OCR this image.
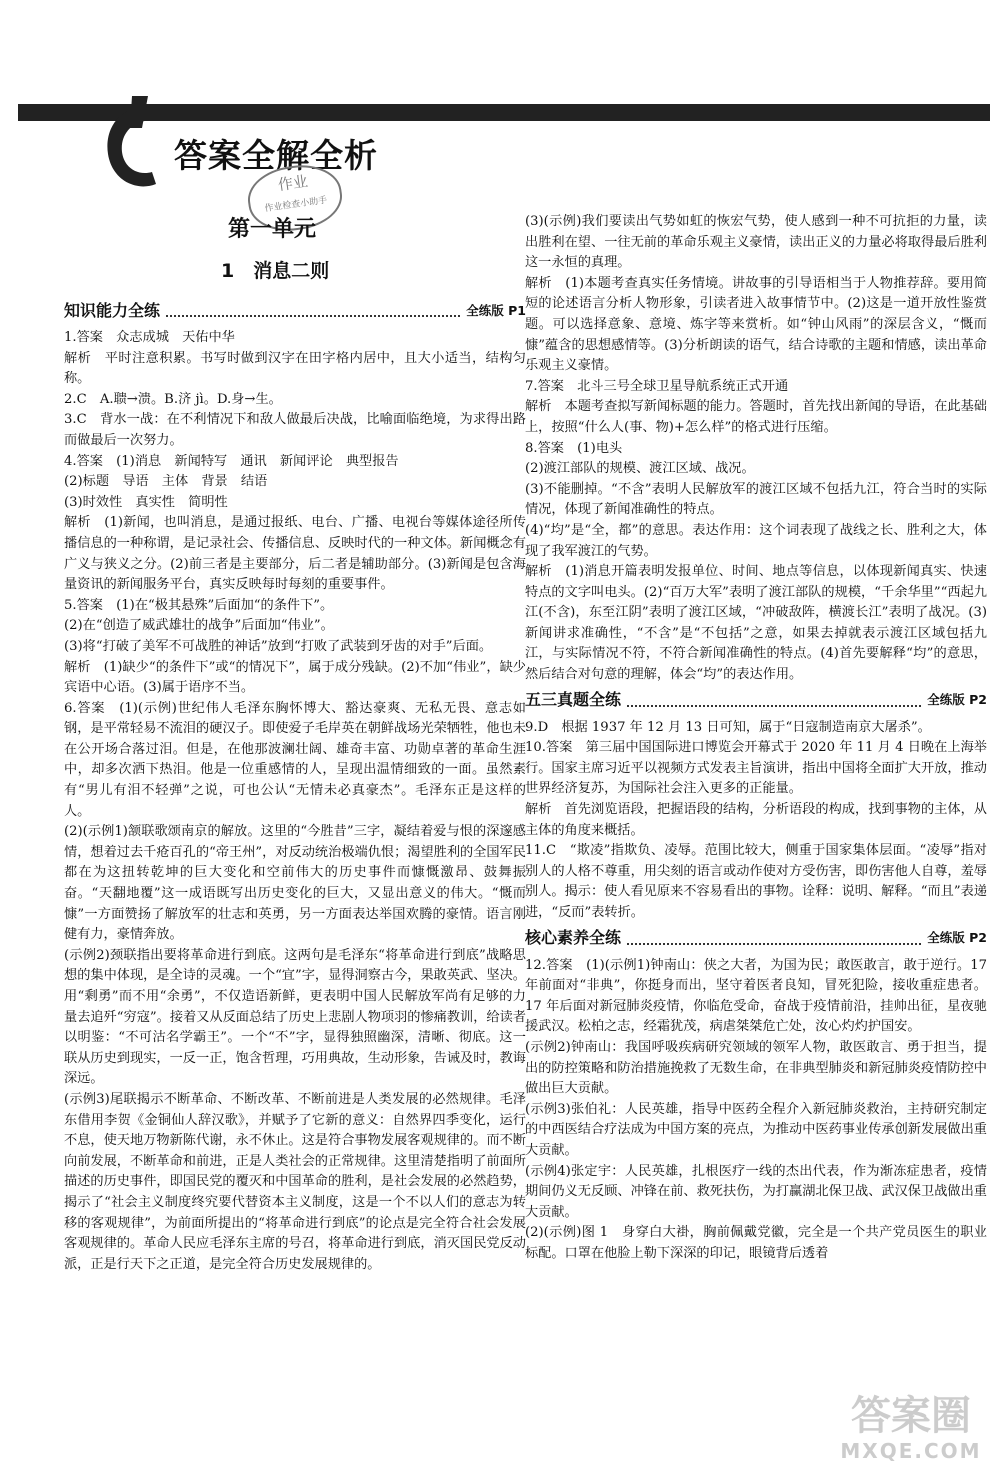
答案全解全析
作业
作业检查小助手
第一单元
1　消息二则
知识能力全练	全练版 P1

1.答案　众志成城　天佑中华

解析　平时注意积累。书写时做到汉字在田字格内居中，且大小适当，结构匀称。

2.C　A.聩→溃。B.济 jì。D.身→生。

3.C　背水一战：在不利情况下和敌人做最后决战，比喻面临绝境，为求得出路而做最后一次努力。

4.答案　(1)消息　新闻特写　通讯　新闻评论　典型报告

(2)标题　导语　主体　背景　结语

(3)时效性　真实性　简明性

解析　(1)新闻，也叫消息，是通过报纸、电台、广播、电视台等媒体途径所传播信息的一种称谓，是记录社会、传播信息、反映时代的一种文体。新闻概念有广义与狭义之分。(2)前三者是主要部分，后二者是辅助部分。(3)新闻是包含海量资讯的新闻服务平台，真实反映每时每刻的重要事件。

5.答案　(1)在“极其悬殊”后面加“的条件下”。

(2)在“创造了威武雄壮的战争”后面加“伟业”。

(3)将“打破了美军不可战胜的神话”放到“打败了武装到牙齿的对手”后面。

解析　(1)缺少“的条件下”或“的情况下”，属于成分残缺。(2)不加“伟业”，缺少宾语中心语。(3)属于语序不当。

6.答案　(1)(示例)世纪伟人毛泽东胸怀博大、豁达豪爽、无私无畏、意志如钢，是平常轻易不流泪的硬汉子。即使爱子毛岸英在朝鲜战场光荣牺牲，他也未在公开场合落过泪。但是，在他那波澜壮阔、雄奇丰富、功勋卓著的革命生涯中，却多次洒下热泪。他是一位重感情的人，呈现出温情细致的一面。虽然素有“男儿有泪不轻弹”之说，可也公认“无情未必真豪杰”。毛泽东正是这样的人。

(2)(示例1)颔联歌颂南京的解放。这里的“今胜昔”三字，凝结着爱与恨的深邃感情，想着过去千疮百孔的“帝王州”，对反动统治极端仇恨；渴望胜利的全国军民都在为这扭转乾坤的巨大变化和空前伟大的历史事件而慷慨激昂、鼓舞振奋。“天翻地覆”这一成语既写出历史变化的巨大，又显出意义的伟大。“慨而慷”一方面赞扬了解放军的壮志和英勇，另一方面表达举国欢腾的豪情。语言刚健有力，豪情奔放。

(示例2)颈联指出要将革命进行到底。这两句是毛泽东“将革命进行到底”战略思想的集中体现，是全诗的灵魂。一个“宜”字，显得洞察古今，果敢英武、坚决。用“剩勇”而不用“余勇”，不仅造语新鲜，更表明中国人民解放军尚有足够的力量去追歼“穷寇”。接着又从反面总结了历史上悲剧人物项羽的惨痛教训，给读者以明鉴：“不可沽名学霸王”。一个“不”字，显得独照幽深，清晰、彻底。这一联从历史到现实，一反一正，饱含哲理，巧用典故，生动形象，告诫及时，教诲深远。

(示例3)尾联揭示不断革命、不断改革、不断前进是人类发展的必然规律。毛泽东借用李贺《金铜仙人辞汉歌》，并赋予了它新的意义：自然界四季变化，运行不息，使天地万物新陈代谢，永不休止。这是符合事物发展客观规律的。而不断向前发展，不断革命和前进，正是人类社会的正常规律。这里清楚指明了前面所描述的历史事件，即国民党的覆灭和中国革命的胜利，是社会发展的必然趋势，揭示了“社会主义制度终究要代替资本主义制度，这是一个不以人们的意志为转移的客观规律”，为前面所提出的“将革命进行到底”的论点是完全符合社会发展客观规律的。革命人民应毛泽东主席的号召，将革命进行到底，消灭国民党反动派，正是行天下之正道，是完全符合历史发展规律的。

(3)(示例)我们要读出气势如虹的恢宏气势，使人感到一种不可抗拒的力量，读出胜利在望、一往无前的革命乐观主义豪情，读出正义的力量必将取得最后胜利这一永恒的真理。

解析　(1)本题考查真实任务情境。讲故事的引导语相当于人物推荐辞。要用简短的论述语言分析人物形象，引读者进入故事情节中。(2)这是一道开放性鉴赏题。可以选择意象、意境、炼字等来赏析。如“钟山风雨”的深层含义，“慨而慷”蕴含的思想感情等。(3)分析朗读的语气，结合诗歌的主题和情感，读出革命乐观主义豪情。

7.答案　北斗三号全球卫星导航系统正式开通

解析　本题考查拟写新闻标题的能力。答题时，首先找出新闻的导语，在此基础上，按照“什么人(事、物)+怎么样”的格式进行压缩。

8.答案　(1)电头

(2)渡江部队的规模、渡江区域、战况。

(3)不能删掉。“不含”表明人民解放军的渡江区域不包括九江，符合当时的实际情况，体现了新闻准确性的特点。

(4)“均”是“全，都”的意思。表达作用：这个词表现了战线之长、胜利之大，体现了我军渡江的气势。

解析　(1)消息开篇表明发报单位、时间、地点等信息，以体现新闻真实、快速特点的文字叫电头。(2)“百万大军”表明了渡江部队的规模，“千余华里”“西起九江(不含)，东至江阴”表明了渡江区域，“冲破敌阵，横渡长江”表明了战况。(3)新闻讲求准确性，“不含”是“不包括”之意，如果去掉就表示渡江区域包括九江，与实际情况不符，不符合新闻准确性的特点。(4)首先要解释“均”的意思，然后结合对句意的理解，体会“均”的表达作用。

五三真题全练	全练版 P2

9.D　根据 1937 年 12 月 13 日可知，属于“日寇制造南京大屠杀”。

10.答案　第三届中国国际进口博览会开幕式于 2020 年 11 月 4 日晚在上海举行。国家主席习近平以视频方式发表主旨演讲，指出中国将全面扩大开放，推动世界经济复苏，为国际社会注入更多的正能量。

解析　首先浏览语段，把握语段的结构，分析语段的构成，找到事物的主体，从主体的角度来概括。

11.C　“欺凌”指欺负、凌辱。范围比较大，侧重于国家集体层面。“凌辱”指对别人的人格不尊重，用尖刻的语言或动作使对方受伤害，即伤害他人自尊，羞辱别人。揭示：使人看见原来不容易看出的事物。诠释：说明、解释。“而且”表递进，“反而”表转折。

核心素养全练	全练版 P2

12.答案　(1)(示例1)钟南山：侠之大者，为国为民；敢医敢言，敢于逆行。17 年前面对“非典”，你挺身而出，坚守着医者良知，冒死犯险，接收重症患者。17 年后面对新冠肺炎疫情，你临危受命，奋战于疫情前沿，挂帅出征，星夜驰援武汉。松柏之志，经霜犹茂，病虐桀桀危亡处，汝心灼灼护国安。

(示例2)钟南山：我国呼吸疾病研究领域的领军人物，敢医敢言、勇于担当，提出的防控策略和防治措施挽救了无数生命，在非典型肺炎和新冠肺炎疫情防控中做出巨大贡献。

(示例3)张伯礼：人民英雄，指导中医药全程介入新冠肺炎救治，主持研究制定的中西医结合疗法成为中国方案的亮点，为推动中医药事业传承创新发展做出重大贡献。

(示例4)张定宇：人民英雄，扎根医疗一线的杰出代表，作为渐冻症患者，疫情期间仍义无反顾、冲锋在前、救死扶伤，为打赢湖北保卫战、武汉保卫战做出重大贡献。

(2)(示例)图 1　身穿白大褂，胸前佩戴党徽，完全是一个共产党员医生的职业标配。口罩在他脸上勒下深深的印记，眼镜背后透着

答案圈
MXQE.COM
